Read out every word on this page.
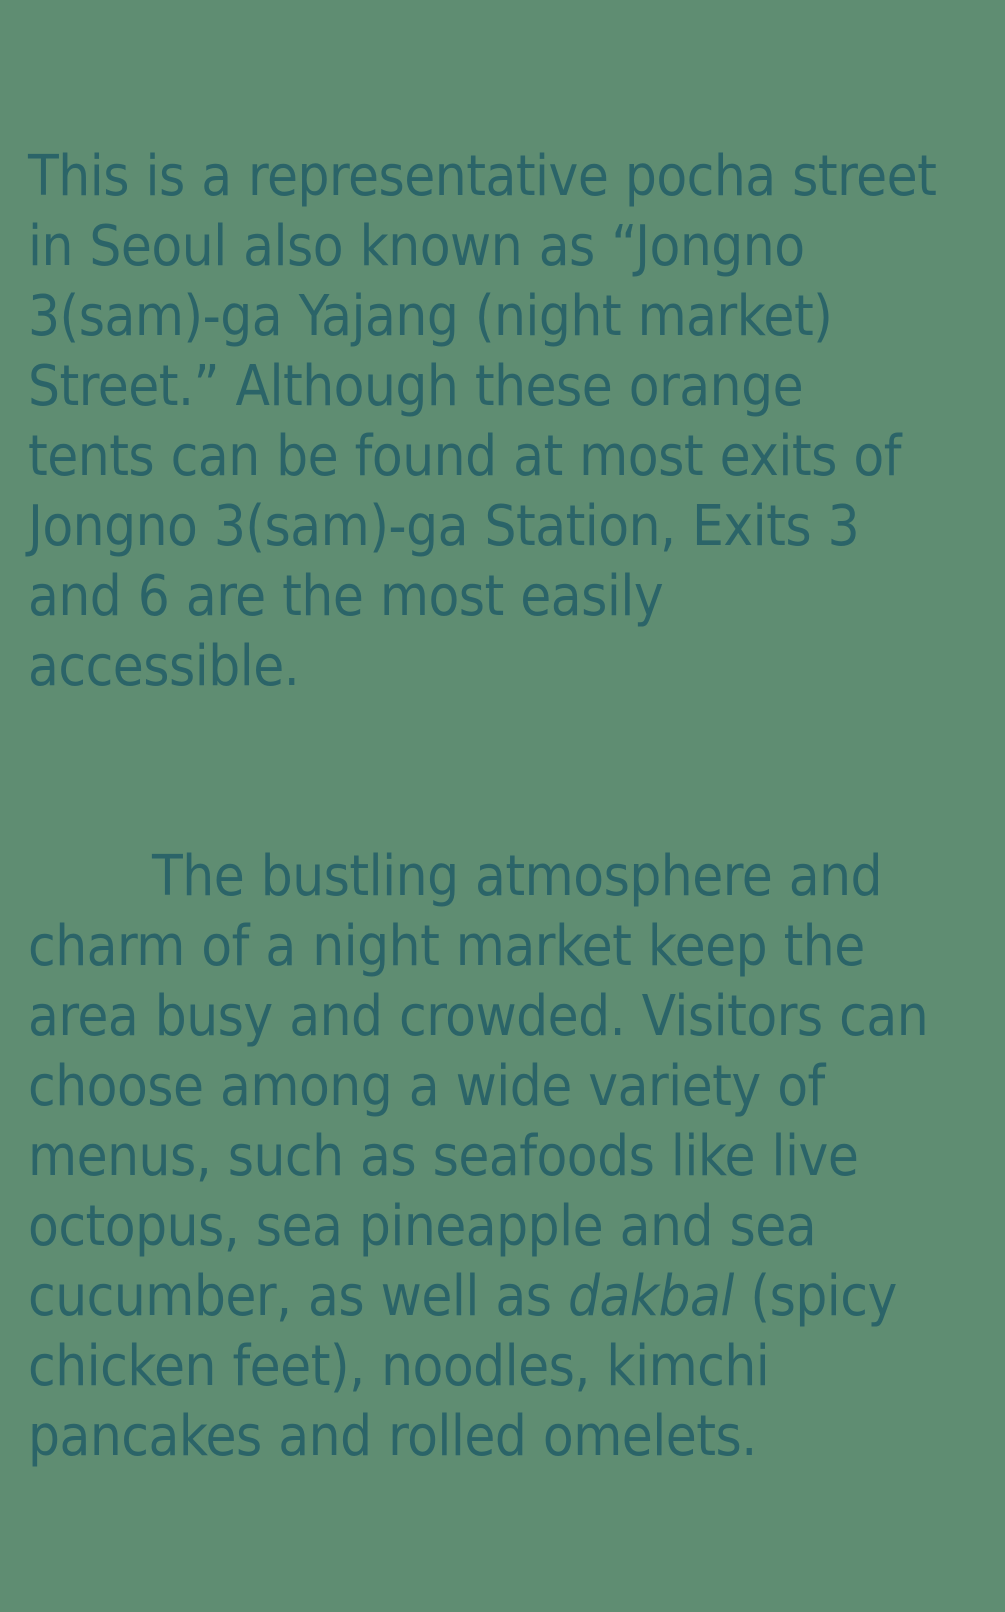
This is a representative pocha street in Seoul also known as “Jongno 3(sam)-ga Yajang (night market) Street.” Although these orange tents can be found at most exits of Jongno 3(sam)-ga Station, Exits 3 and 6 are the most easily accessible.

The bustling atmosphere and charm of a night market keep the area busy and crowded. Visitors can choose among a wide variety of menus, such as seafoods like live octopus, sea pineapple and sea cucumber, as well as dakbal (spicy chicken feet), noodles, kimchi pancakes and rolled omelets.
